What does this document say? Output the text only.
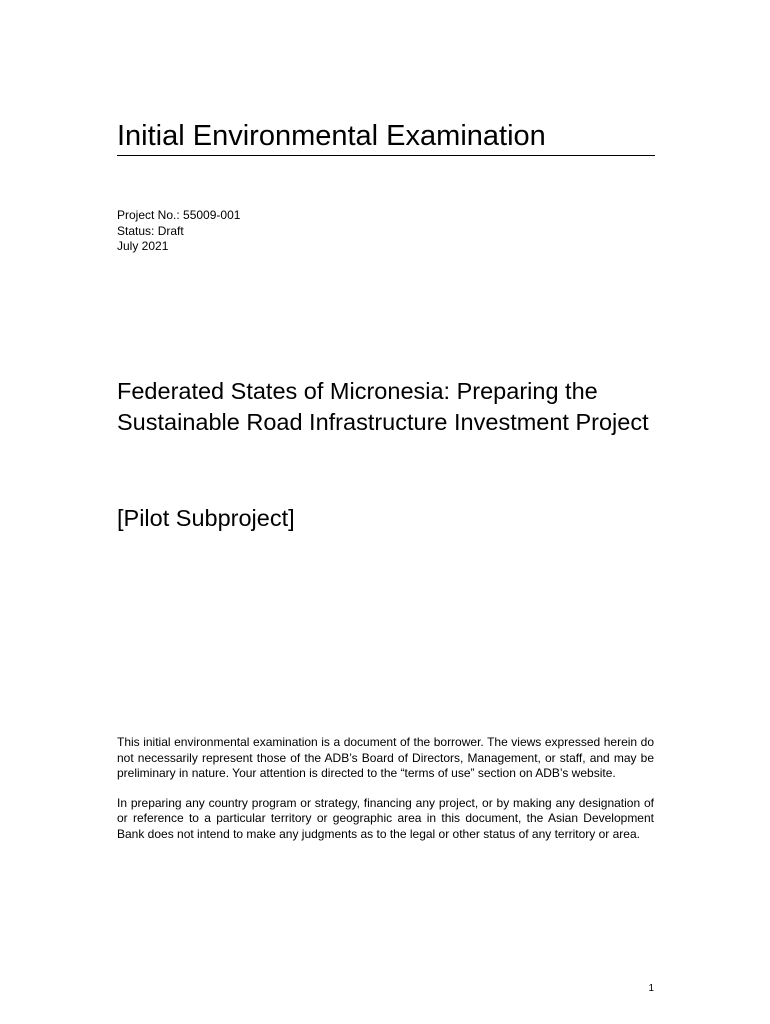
Initial Environmental Examination
Project No.: 55009-001
Status: Draft
July 2021
Federated States of Micronesia: Preparing the Sustainable Road Infrastructure Investment Project
[Pilot Subproject]

This initial environmental examination is a document of the borrower. The views expressed herein do not necessarily represent those of the ADB’s Board of Directors, Management, or staff, and may be preliminary in nature. Your attention is directed to the “terms of use” section on ADB’s website.

In preparing any country program or strategy, financing any project, or by making any designation of or reference to a particular territory or geographic area in this document, the Asian Development Bank does not intend to make any judgments as to the legal or other status of any territory or area.

1
